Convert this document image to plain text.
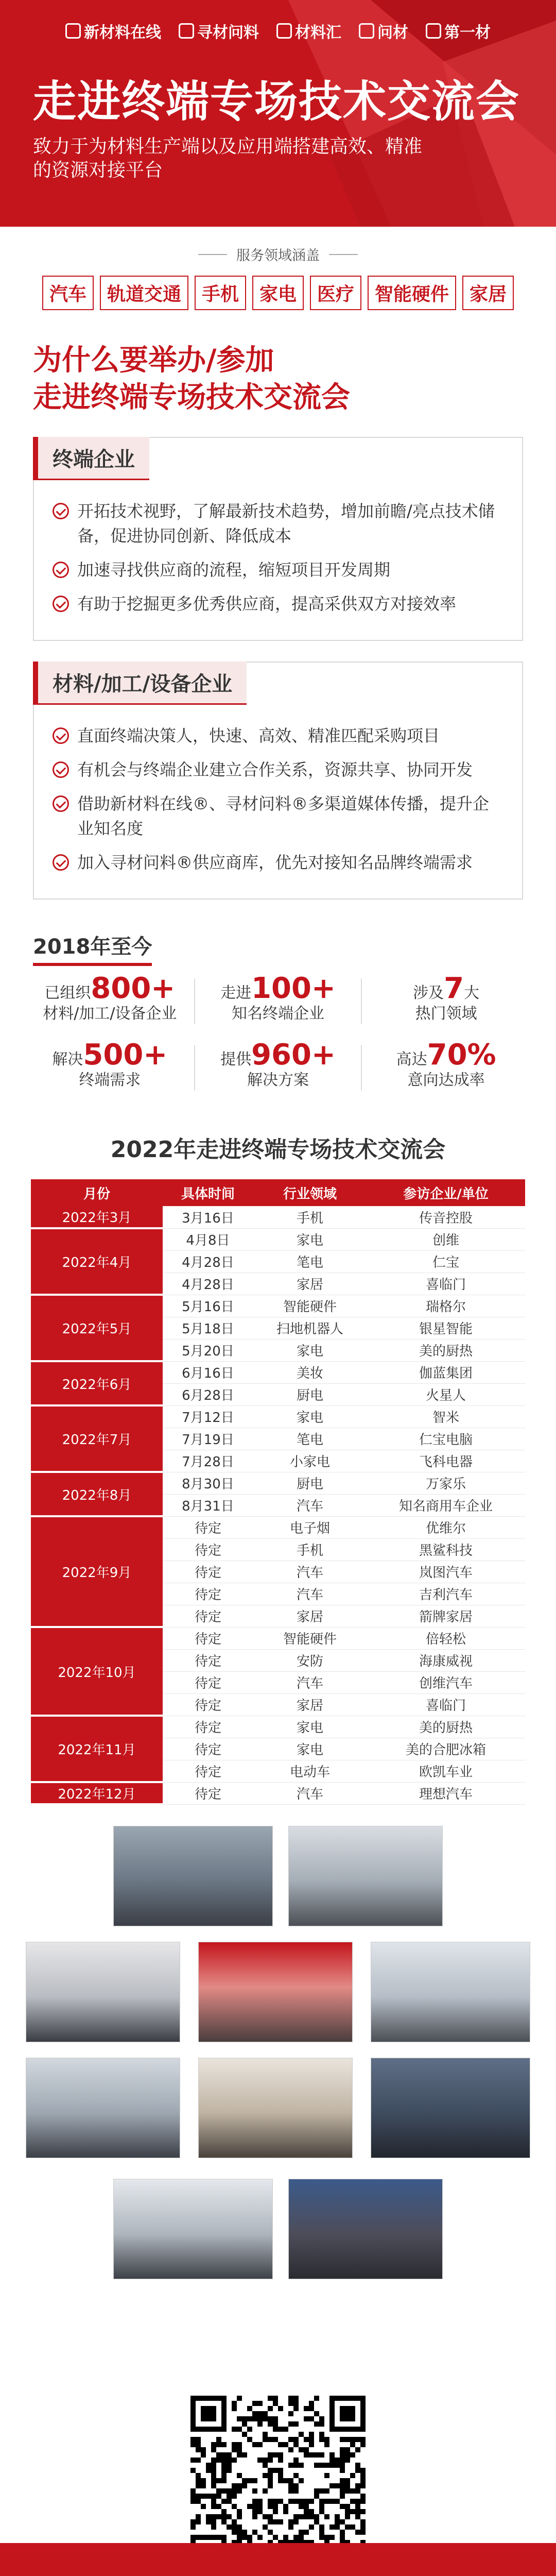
新材料在线 寻材问料 材料汇 问材 第一材
走进终端专场技术交流会
致力于为材料生产端以及应用端搭建高效、精准的资源对接平台
服务领域涵盖
汽车	轨道交通	手机	家电	医疗	智能硬件	家居
为什么要举办/参加
走进终端专场技术交流会
终端企业
开拓技术视野，了解最新技术趋势，增加前瞻/亮点技术储备，促进协同创新、降低成本
加速寻找供应商的流程，缩短项目开发周期
有助于挖掘更多优秀供应商，提高采供双方对接效率
材料/加工/设备企业
直面终端决策人，快速、高效、精准匹配采购项目
有机会与终端企业建立合作关系，资源共享、协同开发
借助新材料在线®、寻材问料®多渠道媒体传播，提升企业知名度
加入寻材问料®供应商库，优先对接知名品牌终端需求
2018年至今
已组织800+
材料/加工/设备企业
走进100+
知名终端企业
涉及7大
热门领域
解决500+
终端需求
提供960+
解决方案
高达70%
意向达成率
2022年走进终端专场技术交流会
月份	具体时间	行业领域	参访企业/单位
2022年3月	3月16日	手机	传音控股
2022年4月	4月8日	家电	创维
	4月28日	笔电	仁宝
	4月28日	家居	喜临门
2022年5月	5月16日	智能硬件	瑞格尔
	5月18日	扫地机器人	银星智能
	5月20日	家电	美的厨热
2022年6月	6月16日	美妆	伽蓝集团
	6月28日	厨电	火星人
2022年7月	7月12日	家电	智米
	7月19日	笔电	仁宝电脑
	7月28日	小家电	飞科电器
2022年8月	8月30日	厨电	万家乐
	8月31日	汽车	知名商用车企业
2022年9月	待定	电子烟	优维尔
	待定	手机	黑鲨科技
	待定	汽车	岚图汽车
	待定	汽车	吉利汽车
	待定	家居	箭牌家居
2022年10月	待定	智能硬件	倍轻松
	待定	安防	海康威视
	待定	汽车	创维汽车
	待定	家居	喜临门
2022年11月	待定	家电	美的厨热
	待定	家电	美的合肥冰箱
	待定	电动车	欧凯车业
2022年12月	待定	汽车	理想汽车
